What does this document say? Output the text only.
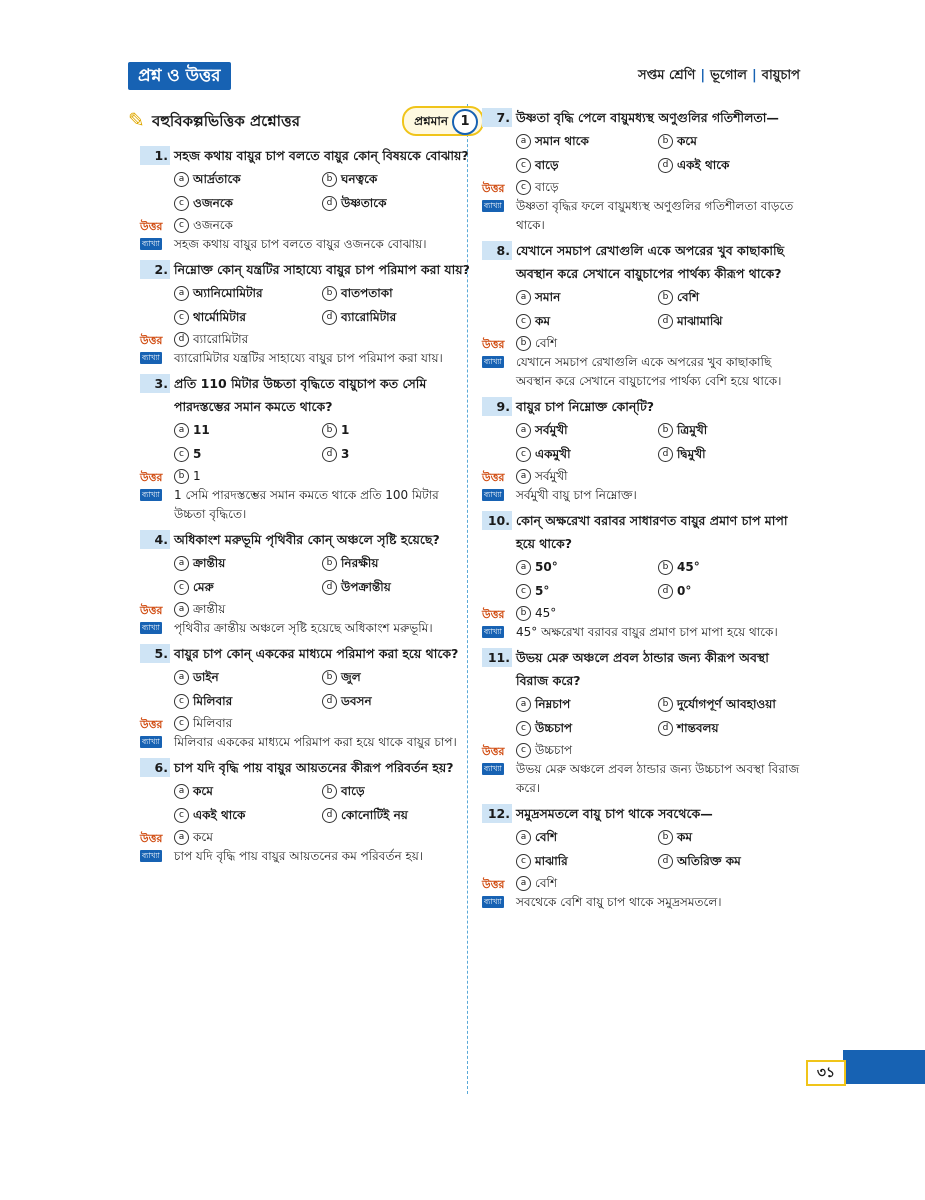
প্রশ্ন ও উত্তর	সপ্তম শ্রেণি | ভূগোল | বায়ুচাপ
✎ বহুবিকল্পভিত্তিক প্রশ্নোত্তর	প্রশ্নমান 1
1. সহজ কথায় বায়ুর চাপ বলতে বায়ুর কোন্ বিষয়কে বোঝায়?
a আর্দ্রতাকে	b ঘনত্বকে
c ওজনকে	d উষ্ণতাকে
উত্তর c ওজনকে
ব্যাখ্যা সহজ কথায় বায়ুর চাপ বলতে বায়ুর ওজনকে বোঝায়।
2. নিম্নোক্ত কোন্ যন্ত্রটির সাহায্যে বায়ুর চাপ পরিমাপ করা যায়?
a অ্যানিমোমিটার	b বাতপতাকা
c থার্মোমিটার	d ব্যারোমিটার
উত্তর d ব্যারোমিটার
ব্যাখ্যা ব্যারোমিটার যন্ত্রটির সাহায্যে বায়ুর চাপ পরিমাপ করা যায়।
3. প্রতি 110 মিটার উচ্চতা বৃদ্ধিতে বায়ুচাপ কত সেমি পারদস্তম্ভের সমান কমতে থাকে?
a 11	b 1
c 5	d 3
উত্তর b 1
ব্যাখ্যা 1 সেমি পারদস্তম্ভের সমান কমতে থাকে প্রতি 100 মিটার উচ্চতা বৃদ্ধিতে।
4. অধিকাংশ মরুভূমি পৃথিবীর কোন্ অঞ্চলে সৃষ্টি হয়েছে?
a ক্রান্তীয়	b নিরক্ষীয়
c মেরু	d উপক্রান্তীয়
উত্তর a ক্রান্তীয়
ব্যাখ্যা পৃথিবীর ক্রান্তীয় অঞ্চলে সৃষ্টি হয়েছে অধিকাংশ মরুভূমি।
5. বায়ুর চাপ কোন্ এককের মাধ্যমে পরিমাপ করা হয়ে থাকে?
a ডাইন	b জুল
c মিলিবার	d ডবসন
উত্তর c মিলিবার
ব্যাখ্যা মিলিবার এককের মাধ্যমে পরিমাপ করা হয়ে থাকে বায়ুর চাপ।
6. চাপ যদি বৃদ্ধি পায় বায়ুর আয়তনের কীরূপ পরিবর্তন হয়?
a কমে	b বাড়ে
c একই থাকে	d কোনোটিই নয়
উত্তর a কমে
ব্যাখ্যা চাপ যদি বৃদ্ধি পায় বায়ুর আয়তনের কম পরিবর্তন হয়।
7. উষ্ণতা বৃদ্ধি পেলে বায়ুমধ্যস্থ অণুগুলির গতিশীলতা—
a সমান থাকে	b কমে
c বাড়ে	d একই থাকে
উত্তর c বাড়ে
ব্যাখ্যা উষ্ণতা বৃদ্ধির ফলে বায়ুমধ্যস্থ অণুগুলির গতিশীলতা বাড়তে থাকে।
8. যেখানে সমচাপ রেখাগুলি একে অপরের খুব কাছাকাছি অবস্থান করে সেখানে বায়ুচাপের পার্থক্য কীরূপ থাকে?
a সমান	b বেশি
c কম	d মাঝামাঝি
উত্তর b বেশি
ব্যাখ্যা যেখানে সমচাপ রেখাগুলি একে অপরের খুব কাছাকাছি অবস্থান করে সেখানে বায়ুচাপের পার্থক্য বেশি হয়ে থাকে।
9. বায়ুর চাপ নিম্নোক্ত কোন্‌টি?
a সর্বমুখী	b ত্রিমুখী
c একমুখী	d দ্বিমুখী
উত্তর a সর্বমুখী
ব্যাখ্যা সর্বমুখী বায়ু চাপ নিম্নোক্ত।
10. কোন্ অক্ষরেখা বরাবর সাধারণত বায়ুর প্রমাণ চাপ মাপা হয়ে থাকে?
a 50°	b 45°
c 5°	d 0°
উত্তর b 45°
ব্যাখ্যা 45° অক্ষরেখা বরাবর বায়ুর প্রমাণ চাপ মাপা হয়ে থাকে।
11. উভয় মেরু অঞ্চলে প্রবল ঠান্ডার জন্য কীরূপ অবস্থা বিরাজ করে?
a নিম্নচাপ	b দুর্যোগপূর্ণ আবহাওয়া
c উচ্চচাপ	d শান্তবলয়
উত্তর c উচ্চচাপ
ব্যাখ্যা উভয় মেরু অঞ্চলে প্রবল ঠান্ডার জন্য উচ্চচাপ অবস্থা বিরাজ করে।
12. সমুদ্রসমতলে বায়ু চাপ থাকে সবথেকে—
a বেশি	b কম
c মাঝারি	d অতিরিক্ত কম
উত্তর a বেশি
ব্যাখ্যা সবথেকে বেশি বায়ু চাপ থাকে সমুদ্রসমতলে।
৩১
